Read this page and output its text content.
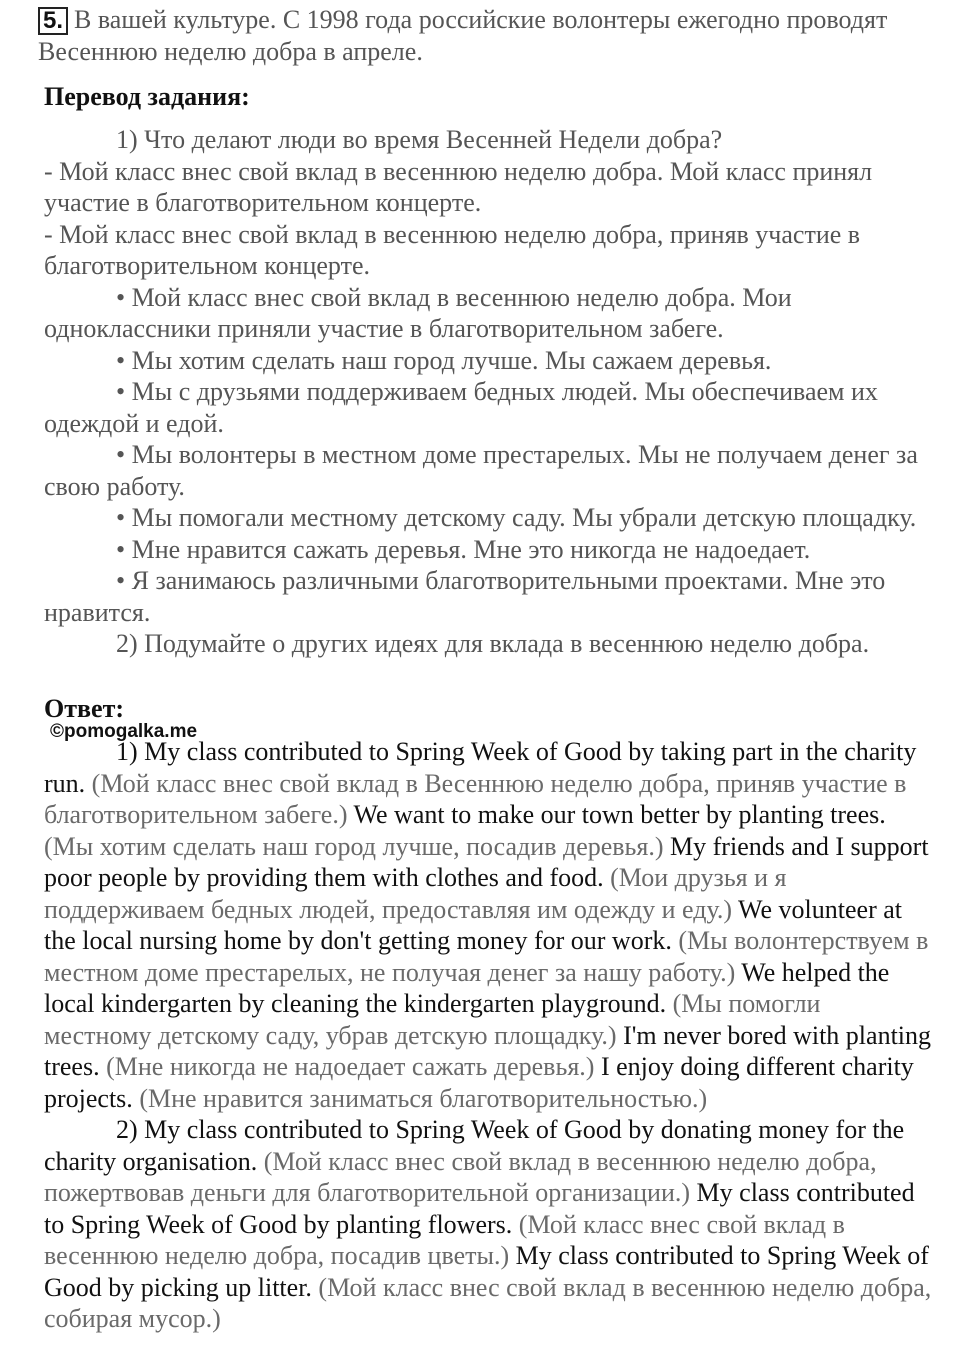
5. В вашей культуре. С 1998 года российские волонтеры ежегодно проводят Весеннюю неделю добра в апреле.
Перевод задания:

1) Что делают люди во время Весенней Недели добра?

- Мой класс внес свой вклад в весеннюю неделю добра. Мой класс принял участие в благотворительном концерте.

- Мой класс внес свой вклад в весеннюю неделю добра, приняв участие в благотворительном концерте.

• Мой класс внес свой вклад в весеннюю неделю добра. Мои одноклассники приняли участие в благотворительном забеге.

• Мы хотим сделать наш город лучше. Мы сажаем деревья.

• Мы с друзьями поддерживаем бедных людей. Мы обеспечиваем их одеждой и едой.

• Мы волонтеры в местном доме престарелых. Мы не получаем денег за свою работу.

• Мы помогали местному детскому саду. Мы убрали детскую площадку.

• Мне нравится сажать деревья. Мне это никогда не надоедает.

• Я занимаюсь различными благотворительными проектами. Мне это нравится.

2) Подумайте о других идеях для вклада в весеннюю неделю добра.

Ответ:
©pomogalka.me

1) My class contributed to Spring Week of Good by taking part in the charity run. (Мой класс внес свой вклад в Весеннюю неделю добра, приняв участие в благотворительном забеге.) We want to make our town better by planting trees. (Мы хотим сделать наш город лучше, посадив деревья.) My friends and I support poor people by providing them with clothes and food. (Мои друзья и я поддерживаем бедных людей, предоставляя им одежду и еду.) We volunteer at the local nursing home by don't getting money for our work. (Мы волонтерствуем в местном доме престарелых, не получая денег за нашу работу.) We helped the local kindergarten by cleaning the kindergarten playground. (Мы помогли местному детскому саду, убрав детскую площадку.) I'm never bored with planting trees. (Мне никогда не надоедает сажать деревья.) I enjoy doing different charity projects. (Мне нравится заниматься благотворительностью.)

2) My class contributed to Spring Week of Good by donating money for the charity organisation. (Мой класс внес свой вклад в весеннюю неделю добра, пожертвовав деньги для благотворительной организации.) My class contributed to Spring Week of Good by planting flowers. (Мой класс внес свой вклад в весеннюю неделю добра, посадив цветы.) My class contributed to Spring Week of Good by picking up litter. (Мой класс внес свой вклад в весеннюю неделю добра, собирая мусор.)
